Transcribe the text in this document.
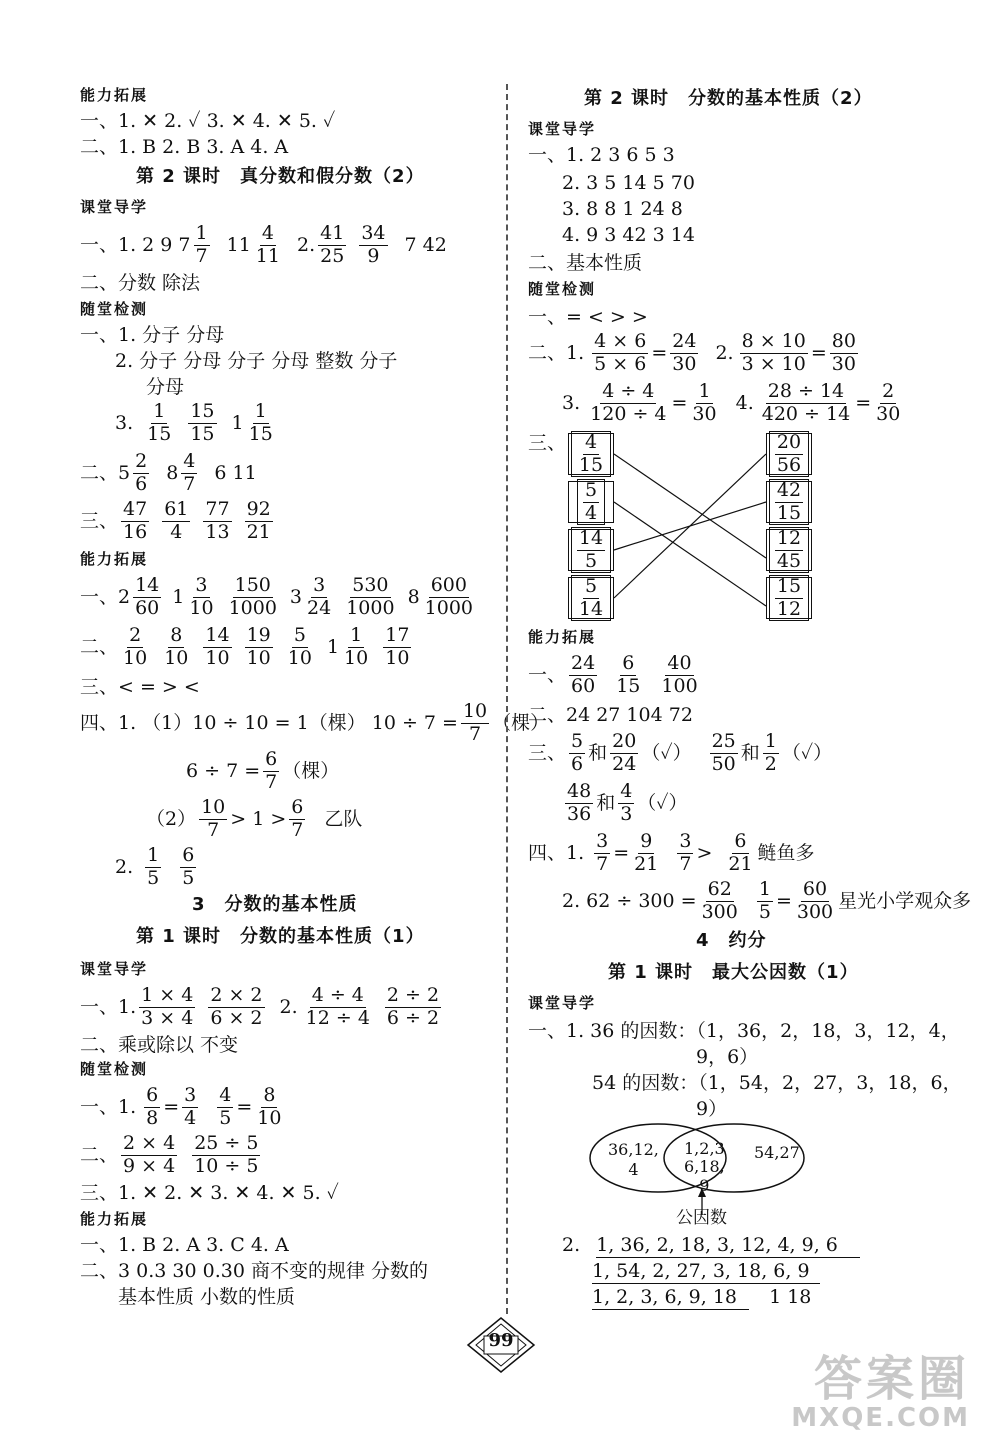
能力拓展
一、1. ✕ 2. ✓ 3. ✕ 4. ✕ 5. ✓
二、1. B 2. B 3. A 4. A
第 2 课时　真分数和假分数（2）
课堂导学
一、1. 2 9 $7 \frac{1}{7} 11 \frac{4}{11} 2$. $\frac{41}{25} \frac{34}{9} 7$ 42
二、分数 除法
随堂检测
一、1. 分子 分母
2. 分子 分母 分子 分母 整数 分子
分母
3. $\frac{1}{15} \frac{15}{15} 1 \frac{1}{15}$
二、$5 \frac{2}{6} 8 \frac{4}{7} 6$ 11
三、 $\frac{47}{16} \frac{61}{4} \frac{77}{13} \frac{92}{21}$
能力拓展
一、$2 \frac{14}{60} 1 \frac{3}{10} \frac{150}{1000} 3 \frac{3}{24} \frac{530}{1000} 8 \frac{600}{1000}$
二、 $\frac{2}{10} \frac{8}{10} \frac{14}{10} \frac{19}{10} \frac{5}{10} 1 \frac{1}{10} \frac{17}{10}$
三、< = > <
四、1. （1）10 ÷ 10 = 1（棵） $10 \div 7 = \frac{10}{7}$ （棵）
$6 \div 7 = \frac{6}{7}$ （棵）
$(2) \frac{10}{7} > 1 > \frac{6}{7}$ 乙队
2. $\frac{1}{5} \frac{6}{5}$
3　分数的基本性质
第 1 课时　分数的基本性质（1）
课堂导学
一、1. $\frac{1 \times 4}{3 \times 4} \frac{2 \times 2}{6 \times 2} 2$. $\frac{4 \div 4}{12 \div 4} \frac{2 \div 2}{6 \div 2}$
二、乘或除以 不变
随堂检测
一、1. $\frac{6}{8} = \frac{3}{4} \frac{4}{5} = \frac{8}{10}$
二、 $\frac{2 \times 4}{9 \times 4} \frac{25 \div 5}{10 \div 5}$
三、1. ✕ 2. ✕ 3. ✕ 4. ✕ 5. ✓
能力拓展
一、1. B 2. A 3. C 4. A
二、3 0.3 30 0.30 商不变的规律 分数的
基本性质 小数的性质
第 2 课时　分数的基本性质（2）
课堂导学
一、1. 2 3 6 5 3
2. 3 5 14 5 70
3. 8 8 1 24 8
4. 9 3 42 3 14
二、基本性质
随堂检测
一、= < > >
二、1. $\frac{4 \times 6}{5 \times 6} = \frac{24}{30} 2$. $\frac{8 \times 10}{3 \times 10} = \frac{80}{30}$
3. $\frac{4 \div 4}{120 \div 4} = \frac{1}{30} 4$. $\frac{28 \div 14}{420 \div 14} = \frac{2}{30}$
三、 $\frac{4}{15}$
$\frac{5}{4}$
$\frac{14}{5}$
$\frac{5}{14}$
$\frac{20}{56}$
$\frac{42}{15}$
$\frac{12}{45}$
$\frac{15}{12}$
能力拓展
一、 $\frac{24}{60} \frac{6}{15} \frac{40}{100}$
二、24 27 104 72
三、 $\frac{5}{6}$ 和 $\frac{20}{24}$ （✓） $\frac{25}{50}$ 和 $\frac{1}{2}$ （✓）
$\frac{48}{36}$ 和 $\frac{4}{3}$ （✓）
四、1. $\frac{3}{7} = \frac{9}{21} \frac{3}{7} > \frac{6}{21}$ 鲢鱼多
2. $62 \div 300 = \frac{62}{300} \frac{1}{5} = \frac{60}{300}$ 星光小学观众多
4　约分
第 1 课时　最大公因数（1）
课堂导学
一、1. 36 的因数：（1，36，2，18，3，12，4，
9，6）
54 的因数：（1，54，2，27，3，18，6，
9）
36,12,
4
1,2,3
6,18,
9
54,27
公因数
2. 1, 36, 2, 18, 3, 12, 4, 9, 6
1, 54, 2, 27, 3, 18, 6, 9
1, 2, 3, 6, 9, 18 1 18
99
答案圈
MXQE.COM
